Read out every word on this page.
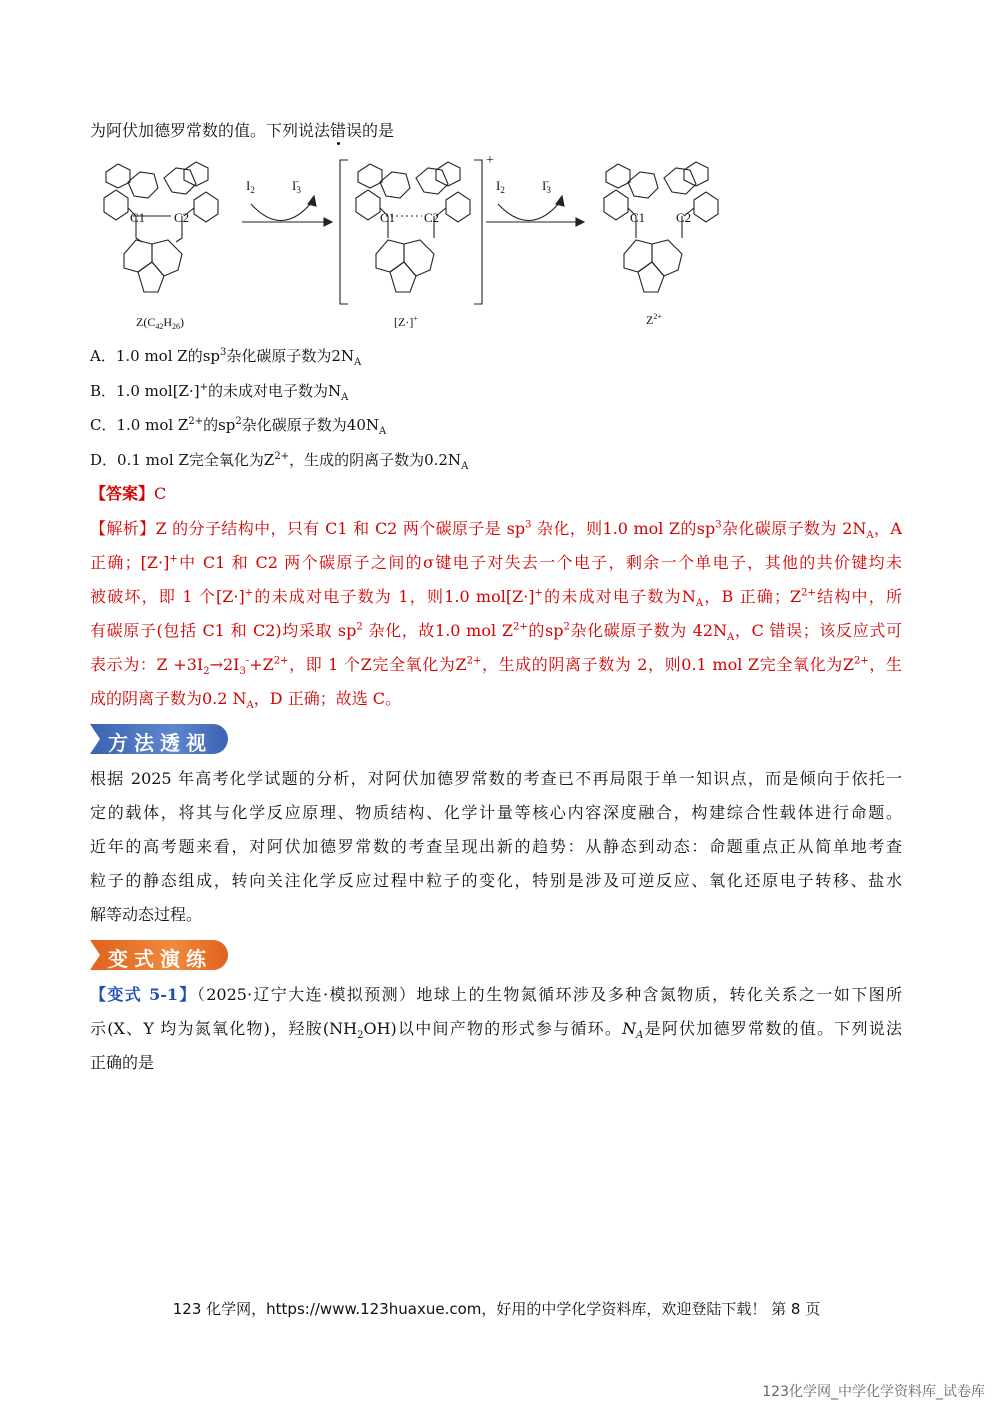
为阿伏加德罗常数的值。下列说法错误的是
$I_2$	$I_3-$	$I_2$	$I_3-$
C1 C2	C1 C2	C1 C2
+
$Z(C_{42}H_{26})$	[Z·]+	$Z^{2+}$
A．1.0 mol Z的$sp^3$杂化碳原子数为$2N_A$
B．1.0 mol[Z·]+的未成对电子数为$N_A$
C．1.0 mol $Z^{2+}$的$sp^2$杂化碳原子数为$40N_A$
D．0.1 mol Z完全氧化为$Z^{2+}$，生成的阴离子数为$0.2N_A$
【答案】C
【解析】Z 的分子结构中，只有 C1 和 C2 两个碳原子是 $sp^3$ 杂化，则1.0 mol Z的$sp^3$杂化碳原子数为 $2N_A$，A
正确；[Z·]+中 C1 和 C2 两个碳原子之间的σ键电子对失去一个电子，剩余一个单电子，其他的共价键均未
被破坏，即 1 个[Z·]+的未成对电子数为 1，则1.0 mol[Z·]+的未成对电子数为$N_A$，B 正确；$Z^{2+}$结构中，所
有碳原子(包括 C1 和 C2)均采取 $sp^2$ 杂化，故1.0 mol $Z^{2+}$的$sp^2$杂化碳原子数为 $42N_A$，C 错误；该反应式可
表示为：$Z +3I_2\to 2I_3^-+Z^{2+}$，即 1 个Z完全氧化为$Z^{2+}$，生成的阴离子数为 2，则0.1 mol Z完全氧化为$Z^{2+}$，生
成的阴离子数为0.2 $N_A$，D 正确；故选 C。
方法透视
根据 2025 年高考化学试题的分析，对阿伏加德罗常数的考查已不再局限于单一知识点，而是倾向于依托一
定的载体，将其与化学反应原理、物质结构、化学计量等核心内容深度融合，构建综合性载体进行命题。
近年的高考题来看，对阿伏加德罗常数的考查呈现出新的趋势：从静态到动态：命题重点正从简单地考查
粒子的静态组成，转向关注化学反应过程中粒子的变化，特别是涉及可逆反应、氧化还原电子转移、盐水
解等动态过程。
变式演练
【变式 5-1】（2025·辽宁大连·模拟预测）地球上的生物氮循环涉及多种含氮物质，转化关系之一如下图所
示(X、Y 均为氮氧化物)，羟胺$(NH_2OH)$以中间产物的形式参与循环。$N_A$是阿伏加德罗常数的值。下列说法
正确的是
123 化学网，https://www.123huaxue.com，好用的中学化学资料库，欢迎登陆下载！ 第 8 页
123化学网_中学化学资料库_试卷库
